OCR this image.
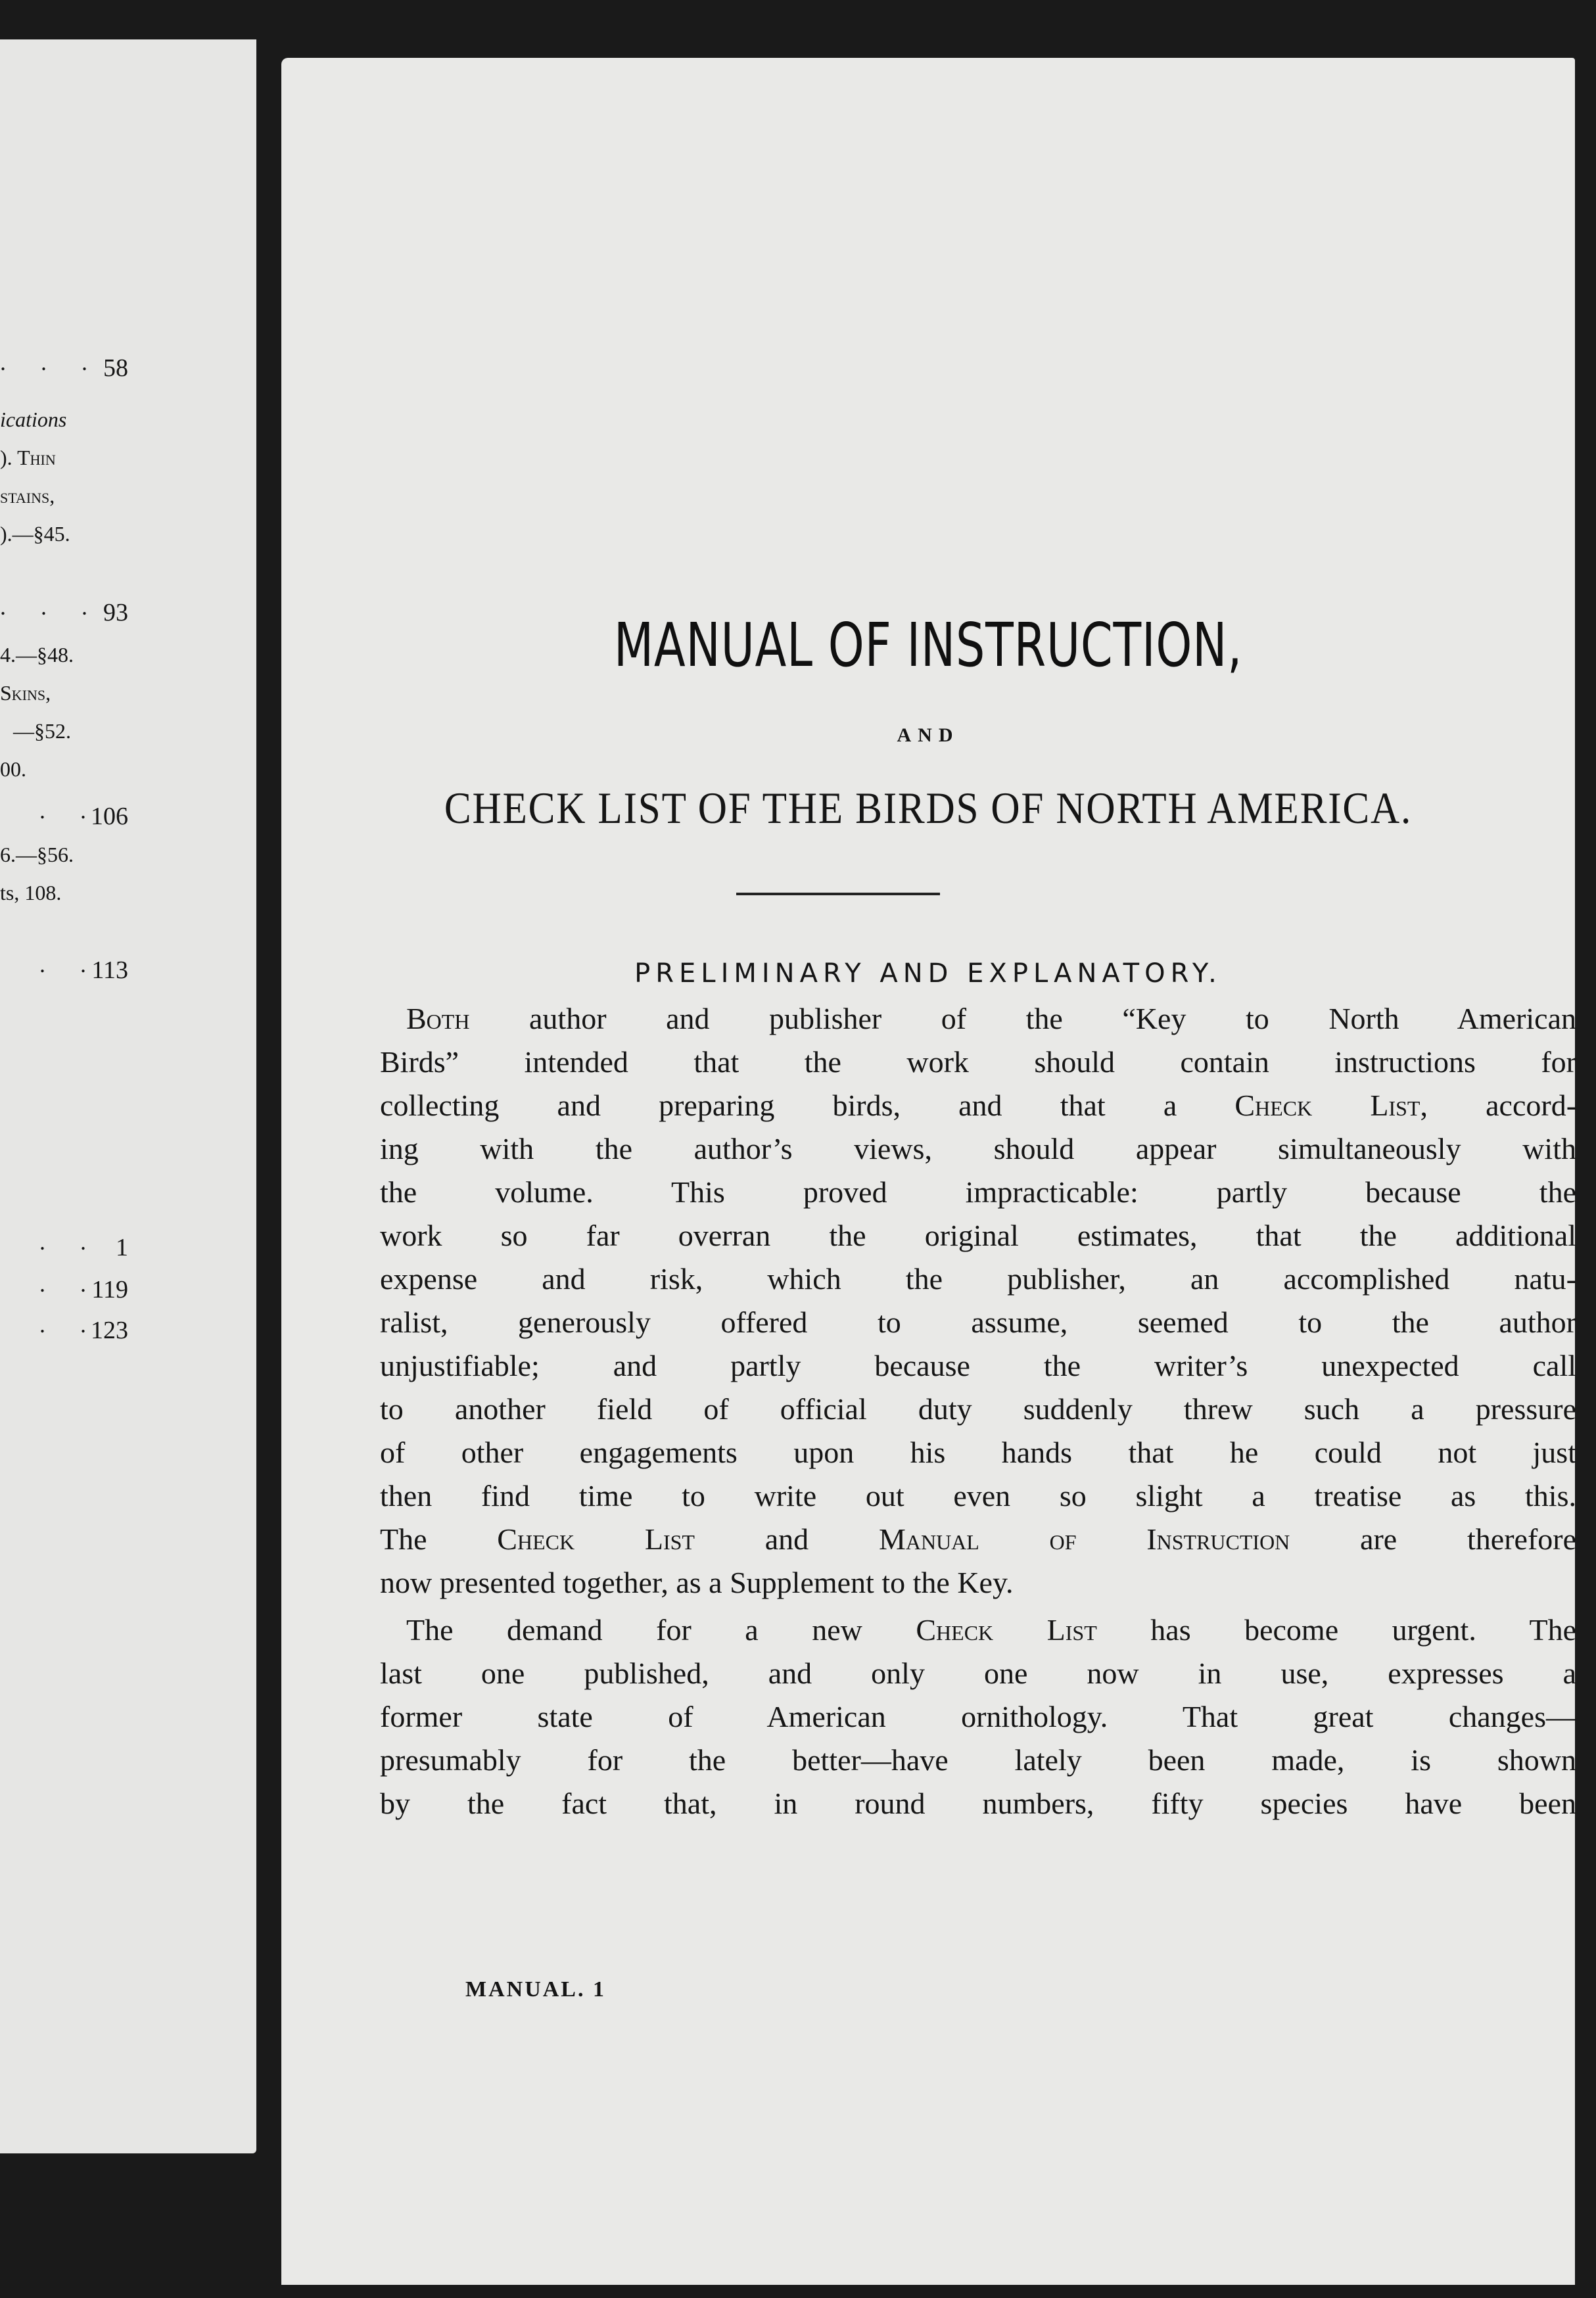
. . . 58
ications
). Thin
stains,
).—§45.
. . . 93
4.—§48.
Skins,
—§52.
00.
. .
106
6.—§56.
ts, 108.
. .
113
. . 1
. .
119
. .
123
MANUAL OF INSTRUCTION,
AND
CHECK LIST OF THE BIRDS OF NORTH AMERICA.
PRELIMINARY AND EXPLANATORY.
Both author and publisher of the “Key to North American
Birds” intended that the work should contain instructions for
collecting and preparing birds, and that a Check List, accord-
ing with the author’s views, should appear simultaneously with
the volume. This proved impracticable: partly because the
work so far overran the original estimates, that the additional
expense and risk, which the publisher, an accomplished natu-
ralist, generously offered to assume, seemed to the author
unjustifiable; and partly because the writer’s unexpected call
to another field of official duty suddenly threw such a pressure
of other engagements upon his hands that he could not just
then find time to write out even so slight a treatise as this.
The Check List and Manual of Instruction are therefore
now presented together, as a Supplement to the Key.
The demand for a new Check List has become urgent. The
last one published, and only one now in use, expresses a
former state of American ornithology. That great changes—
presumably for the better—have lately been made, is shown
by the fact that, in round numbers, fifty species have been
MANUAL. 1
